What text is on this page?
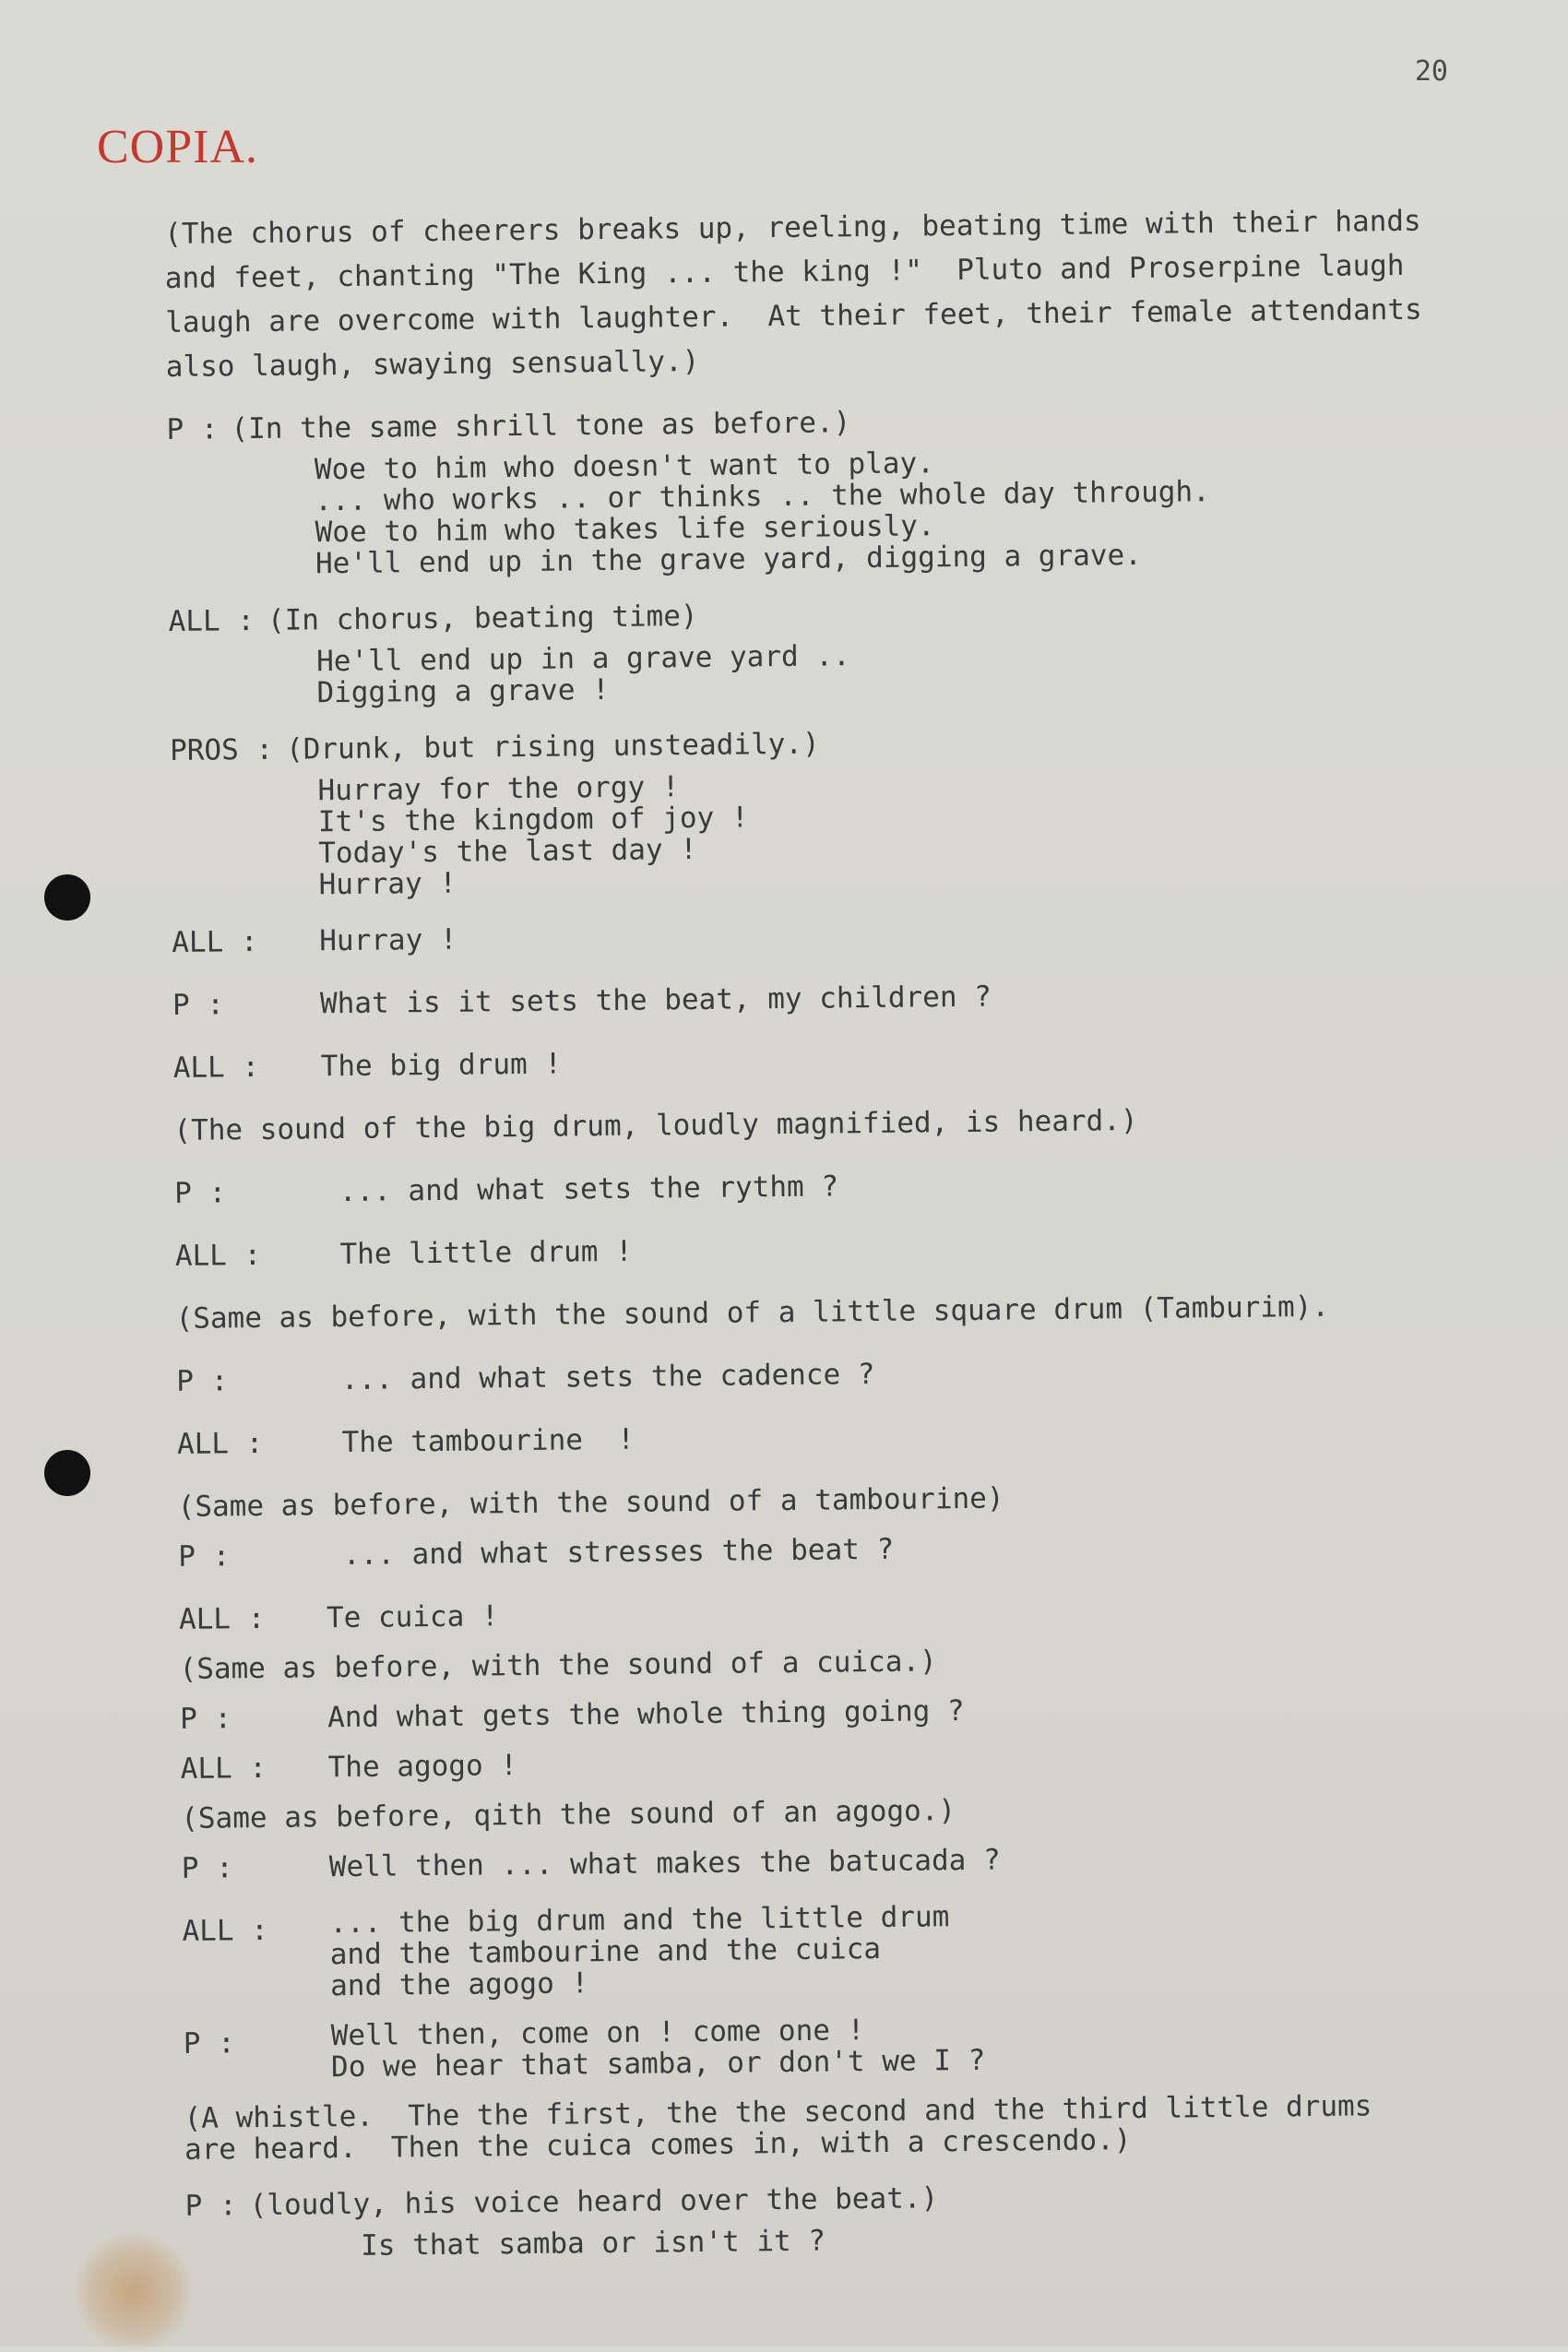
20
COPIA.
(The chorus of cheerers breaks up, reeling, beating time with their hands
and feet, chanting "The King ... the king !"  Pluto and Proserpine laugh
laugh are overcome with laughter.  At their feet, their female attendants
also laugh, swaying sensually.)
P : (In the same shrill tone as before.)
Woe to him who doesn't want to play.
... who works .. or thinks .. the whole day through.
Woe to him who takes life seriously.
He'll end up in the grave yard, digging a grave.
ALL : (In chorus, beating time)
He'll end up in a grave yard ..
Digging a grave !
PROS : (Drunk, but rising unsteadily.)
Hurray for the orgy !
It's the kingdom of joy !
Today's the last day !
Hurray !
ALL :	Hurray !
P :	What is it sets the beat, my children ?
ALL :	The big drum !
(The sound of the big drum, loudly magnified, is heard.)
P :	... and what sets the rythm ?
ALL :	The little drum !
(Same as before, with the sound of a little square drum (Tamburim).
P :	... and what sets the cadence ?
ALL :	The tambourine  !
(Same as before, with the sound of a tambourine)
P :	... and what stresses the beat ?
ALL :	Te cuica !
(Same as before, with the sound of a cuica.)
P :	And what gets the whole thing going ?
ALL :	The agogo !
(Same as before, qith the sound of an agogo.)
P :	Well then ... what makes the batucada ?
ALL :	... the big drum and the little drum
and the tambourine and the cuica
and the agogo !
P :	Well then, come on ! come one !
Do we hear that samba, or don't we I ?
(A whistle.  The the first, the the second and the third little drums
are heard.  Then the cuica comes in, with a crescendo.)
P : (loudly, his voice heard over the beat.)
Is that samba or isn't it ?
